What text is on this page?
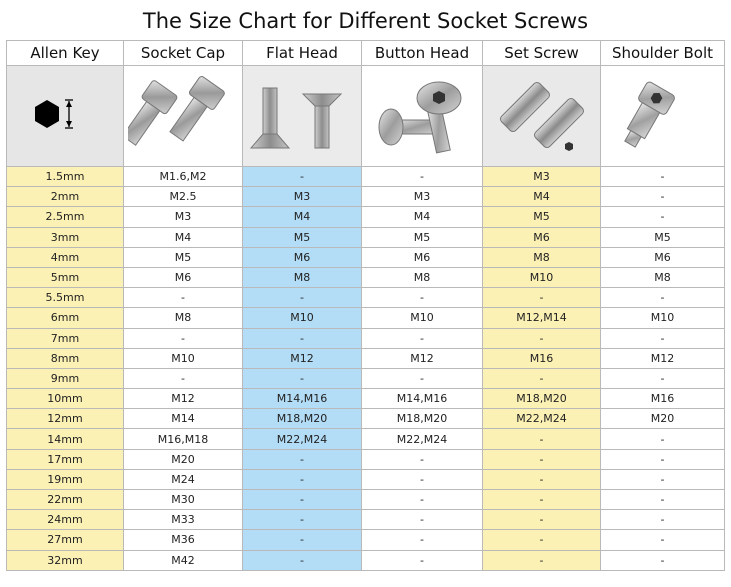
The Size Chart for Different Socket Screws
Allen Key	Socket Cap	Flat Head	Button Head	Set Screw	Shoulder Bolt

1.5mm	M1.6,M2	-	-	M3	-
2mm	M2.5	M3	M3	M4	-
2.5mm	M3	M4	M4	M5	-
3mm	M4	M5	M5	M6	M5
4mm	M5	M6	M6	M8	M6
5mm	M6	M8	M8	M10	M8
5.5mm	-	-	-	-	-
6mm	M8	M10	M10	M12,M14	M10
7mm	-	-	-	-	-
8mm	M10	M12	M12	M16	M12
9mm	-	-	-	-	-
10mm	M12	M14,M16	M14,M16	M18,M20	M16
12mm	M14	M18,M20	M18,M20	M22,M24	M20
14mm	M16,M18	M22,M24	M22,M24	-	-
17mm	M20	-	-	-	-
19mm	M24	-	-	-	-
22mm	M30	-	-	-	-
24mm	M33	-	-	-	-
27mm	M36	-	-	-	-
32mm	M42	-	-	-	-
